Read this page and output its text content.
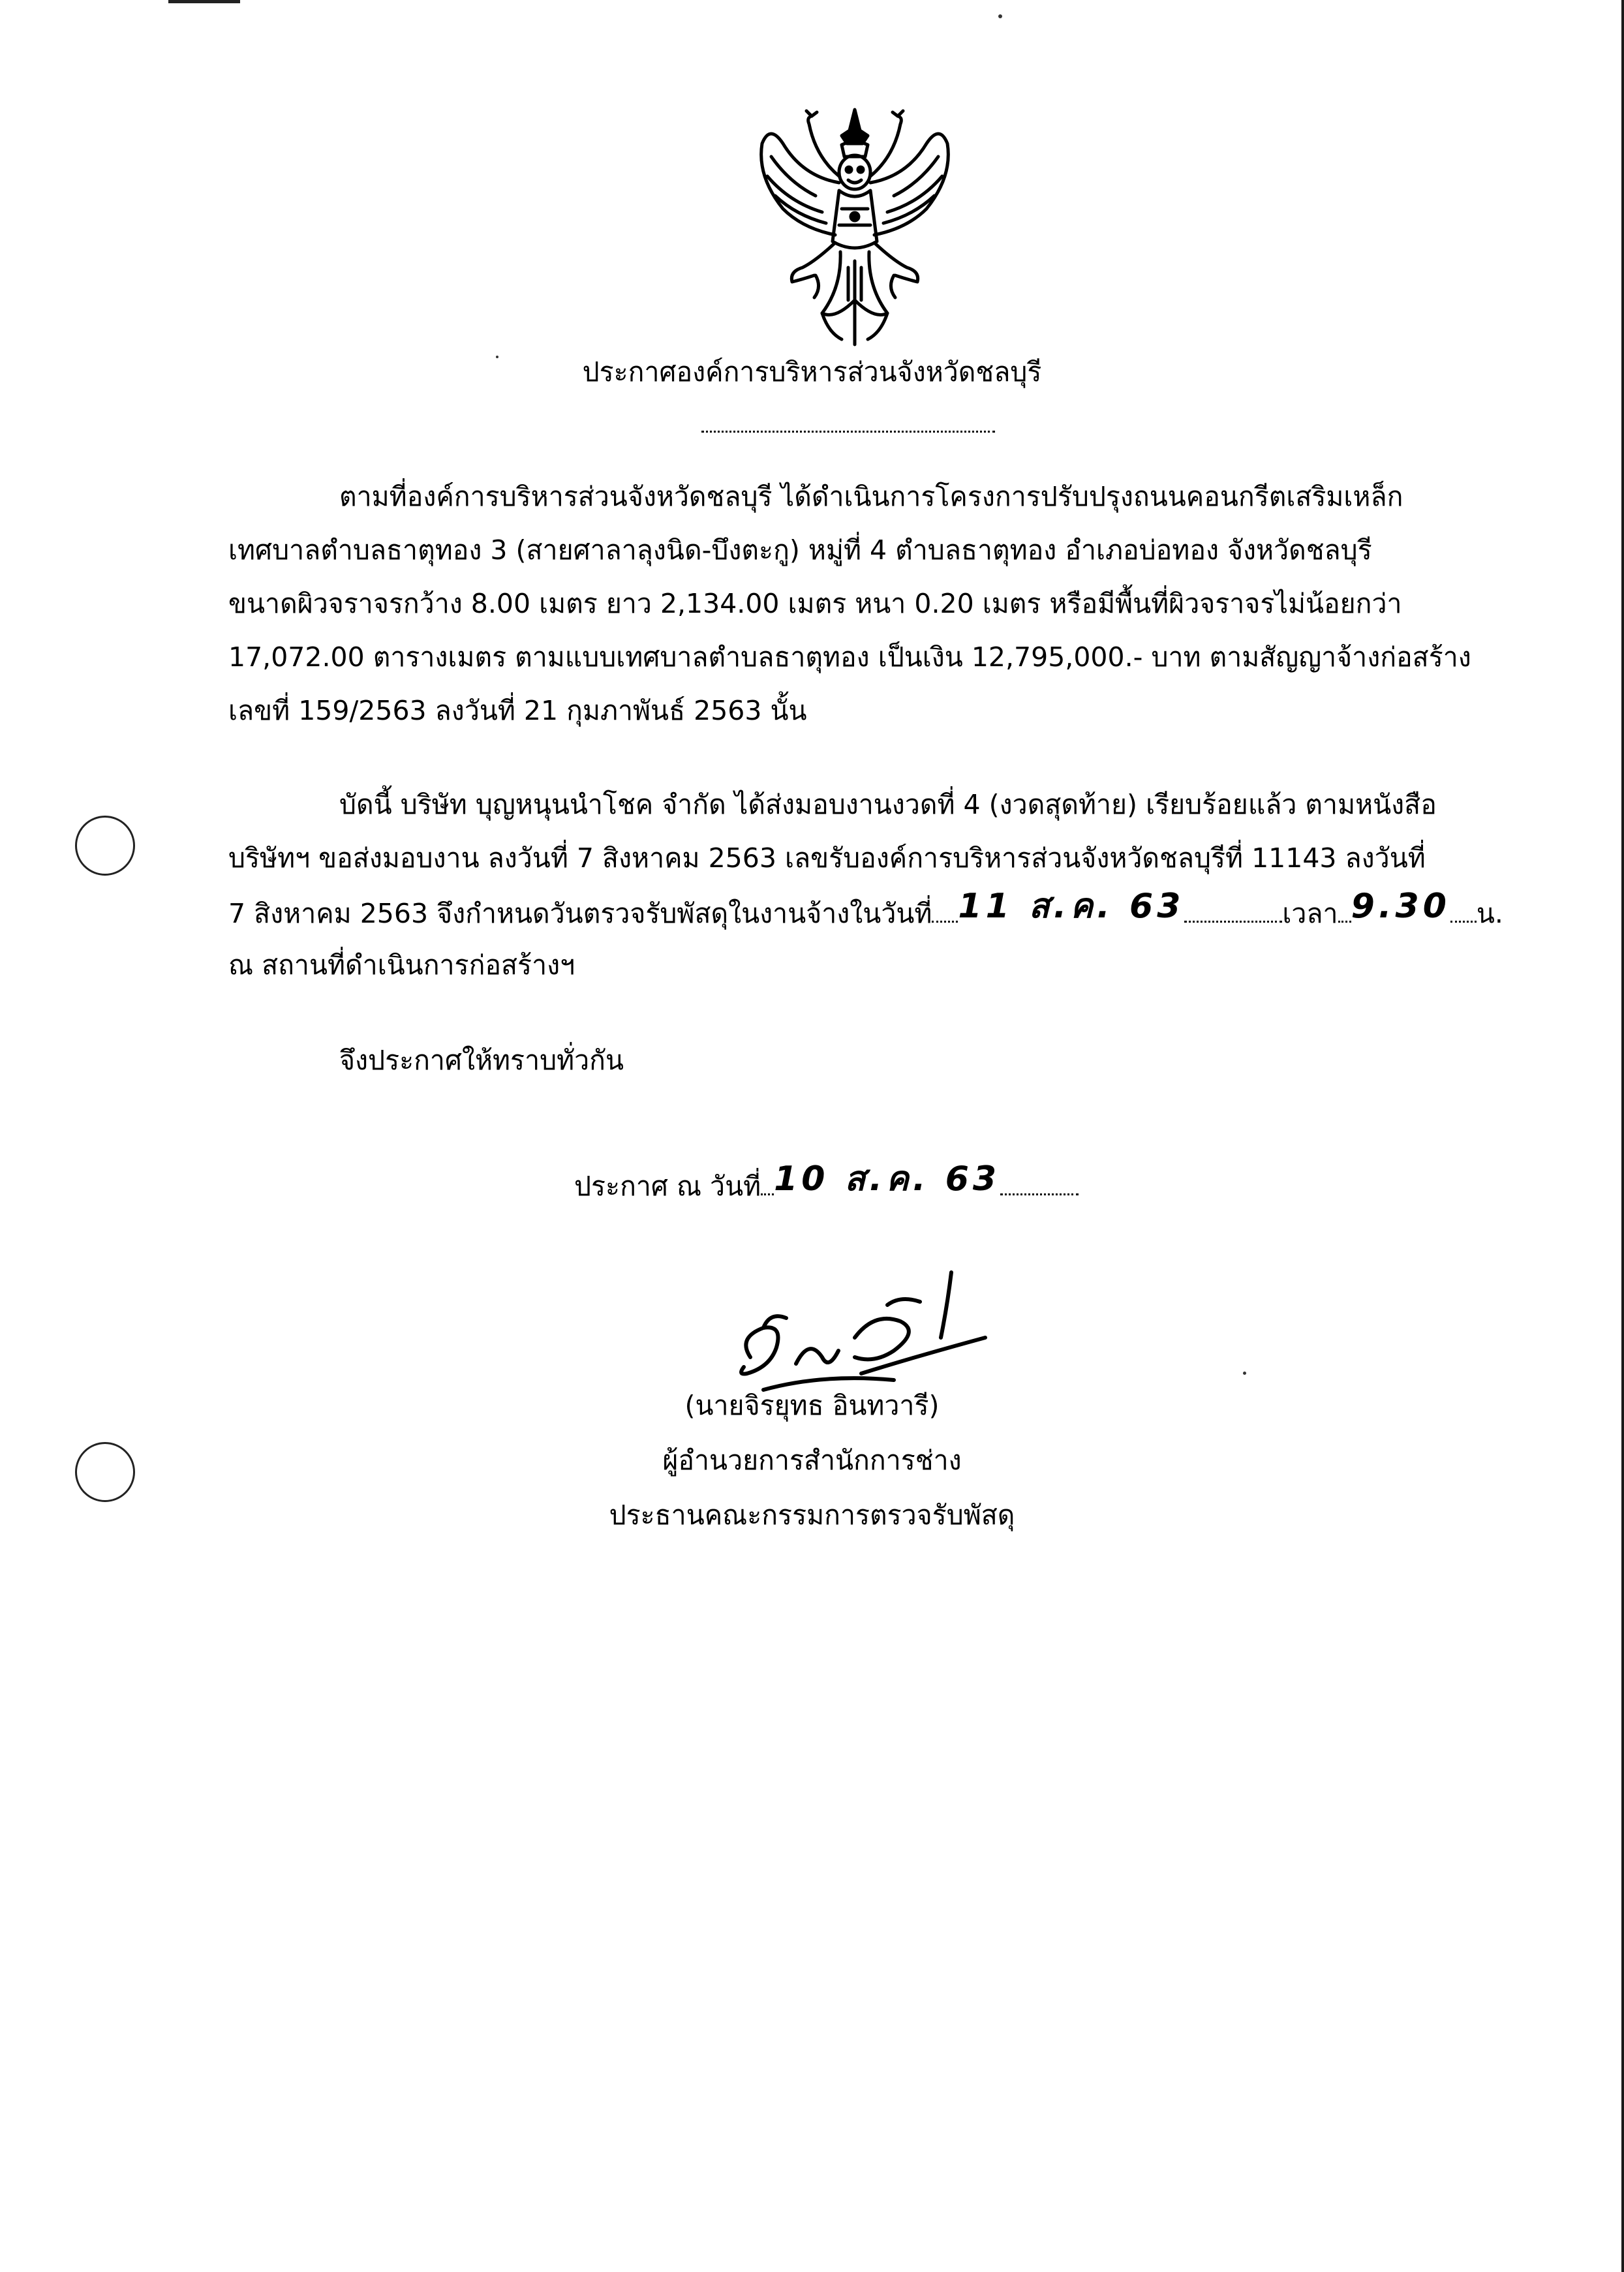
ประกาศองค์การบริหารส่วนจังหวัดชลบุรี
ตามที่องค์การบริหารส่วนจังหวัดชลบุรี ได้ดำเนินการโครงการปรับปรุงถนนคอนกรีตเสริมเหล็ก
เทศบาลตำบลธาตุทอง 3 (สายศาลาลุงนิด-บึงตะกู) หมู่ที่ 4 ตำบลธาตุทอง อำเภอบ่อทอง จังหวัดชลบุรี
ขนาดผิวจราจรกว้าง 8.00 เมตร ยาว 2,134.00 เมตร หนา 0.20 เมตร หรือมีพื้นที่ผิวจราจรไม่น้อยกว่า
17,072.00 ตารางเมตร ตามแบบเทศบาลตำบลธาตุทอง เป็นเงิน 12,795,000.- บาท ตามสัญญาจ้างก่อสร้าง
เลขที่ 159/2563 ลงวันที่ 21 กุมภาพันธ์ 2563 นั้น
บัดนี้ บริษัท บุญหนุนนำโชค จำกัด ได้ส่งมอบงานงวดที่ 4 (งวดสุดท้าย) เรียบร้อยแล้ว ตามหนังสือ
บริษัทฯ ขอส่งมอบงาน ลงวันที่ 7 สิงหาคม 2563 เลขรับองค์การบริหารส่วนจังหวัดชลบุรีที่ 11143 ลงวันที่
7 สิงหาคม 2563 จึงกำหนดวันตรวจรับพัสดุในงานจ้างในวันที่ 11 ส.ค. 63	เวลา 9.30 น.
ณ สถานที่ดำเนินการก่อสร้างฯ
จึงประกาศให้ทราบทั่วกัน
ประกาศ ณ วันที่ 10 ส.ค. 63
(นายจิรยุทธ อินทวารี)
ผู้อำนวยการสำนักการช่าง
ประธานคณะกรรมการตรวจรับพัสดุ
